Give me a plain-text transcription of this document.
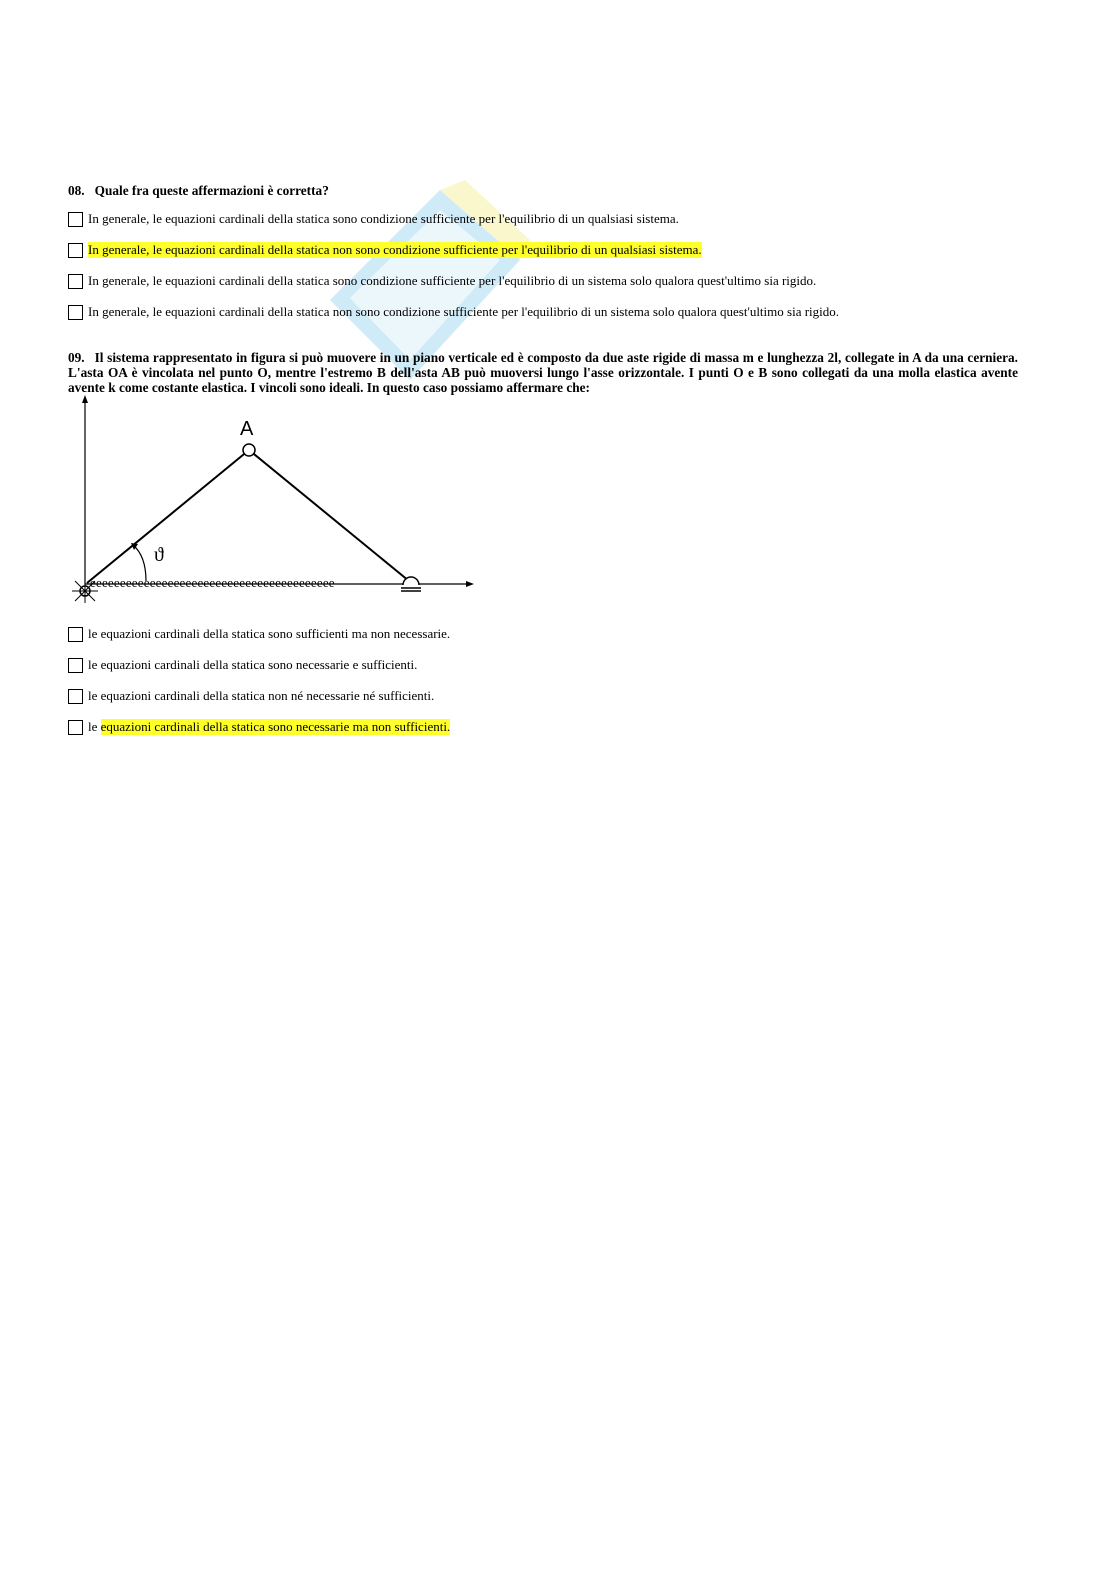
08. Quale fra queste affermazioni è corretta?
In generale, le equazioni cardinali della statica sono condizione sufficiente per l'equilibrio di un qualsiasi sistema.
In generale, le equazioni cardinali della statica non sono condizione sufficiente per l'equilibrio di un qualsiasi sistema.
In generale, le equazioni cardinali della statica sono condizione sufficiente per l'equilibrio di un sistema solo qualora quest'ultimo sia rigido.
In generale, le equazioni cardinali della statica non sono condizione sufficiente per l'equilibrio di un sistema solo qualora quest'ultimo sia rigido.
09. Il sistema rappresentato in figura si può muovere in un piano verticale ed è composto da due aste rigide di massa m e lunghezza 2l, collegate in A da una cerniera. L'asta OA è vincolata nel punto O, mentre l'estremo B dell'asta AB può muoversi lungo l'asse orizzontale. I punti O e B sono collegati da una molla elastica avente avente k come costante elastica. I vincoli sono ideali. In questo caso possiamo affermare che:
eeeeeeeeeeeeeeeeeeeeeeeeeeeeeeeeeeeeeeeee
A
ϑ
le equazioni cardinali della statica sono sufficienti ma non necessarie.
le equazioni cardinali della statica sono necessarie e sufficienti.
le equazioni cardinali della statica non né necessarie né sufficienti.
le equazioni cardinali della statica sono necessarie ma non sufficienti.
